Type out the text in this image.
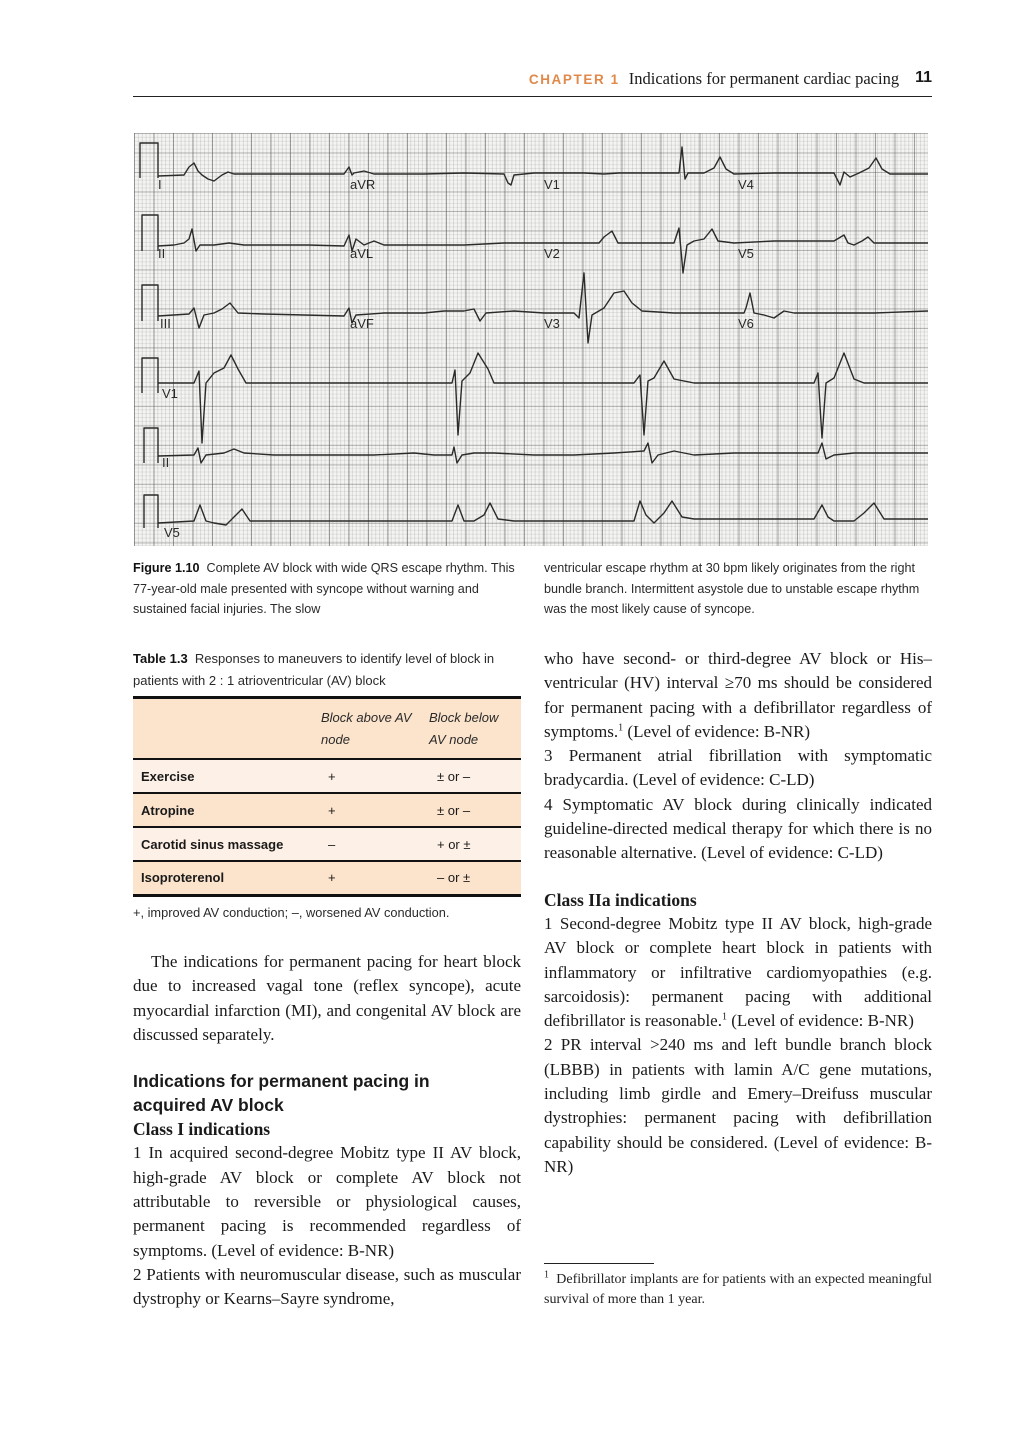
CHAPTER 1 Indications for permanent cardiac pacing 11
I	aVR	V1	V4
II	aVL	V2	V5
III	aVF	V3	V6
V1
II
V5
Figure 1.10 Complete AV block with wide QRS escape rhythm. This 77-year-old male presented with syncope without warning and sustained facial injuries. The slow
ventricular escape rhythm at 30 bpm likely originates from the right bundle branch. Intermittent asystole due to unstable escape rhythm was the most likely cause of syncope.
Table 1.3 Responses to maneuvers to identify level of block in patients with 2 : 1 atrioventricular (AV) block
	Block above AV node	Block below AV node
Exercise	+	± or –
Atropine	+	± or –
Carotid sinus massage	–	+ or ±
Isoproterenol	+	– or ±
+, improved AV conduction; –, worsened AV conduction.

The indications for permanent pacing for heart block due to increased vagal tone (reflex syncope), acute myocardial infarction (MI), and congenital AV block are discussed separately.

Indications for permanent pacing in acquired AV block

Class I indications

1 In acquired second-degree Mobitz type II AV block, high-grade AV block or complete AV block not attributable to reversible or physiological causes, permanent pacing is recommended regardless of symptoms. (Level of evidence: B-NR)

2 Patients with neuromuscular disease, such as muscular dystrophy or Kearns–Sayre syndrome,

who have second- or third-degree AV block or His–ventricular (HV) interval ≥70 ms should be considered for permanent pacing with a defibrillator regardless of symptoms.$^1$ (Level of evidence: B-NR)

3 Permanent atrial fibrillation with symptomatic bradycardia. (Level of evidence: C-LD)

4 Symptomatic AV block during clinically indicated guideline-directed medical therapy for which there is no reasonable alternative. (Level of evidence: C-LD)

Class IIa indications

1 Second-degree Mobitz type II AV block, high-grade AV block or complete heart block in patients with inflammatory or infiltrative cardiomyopathies (e.g. sarcoidosis): permanent pacing with additional defibrillator is reasonable.$^1$ (Level of evidence: B-NR)

2 PR interval >240 ms and left bundle branch block (LBBB) in patients with lamin A/C gene mutations, including limb girdle and Emery–Dreifuss muscular dystrophies: permanent pacing with defibrillation capability should be considered. (Level of evidence: B-NR)

$^1$ Defibrillator implants are for patients with an expected meaningful survival of more than 1 year.
